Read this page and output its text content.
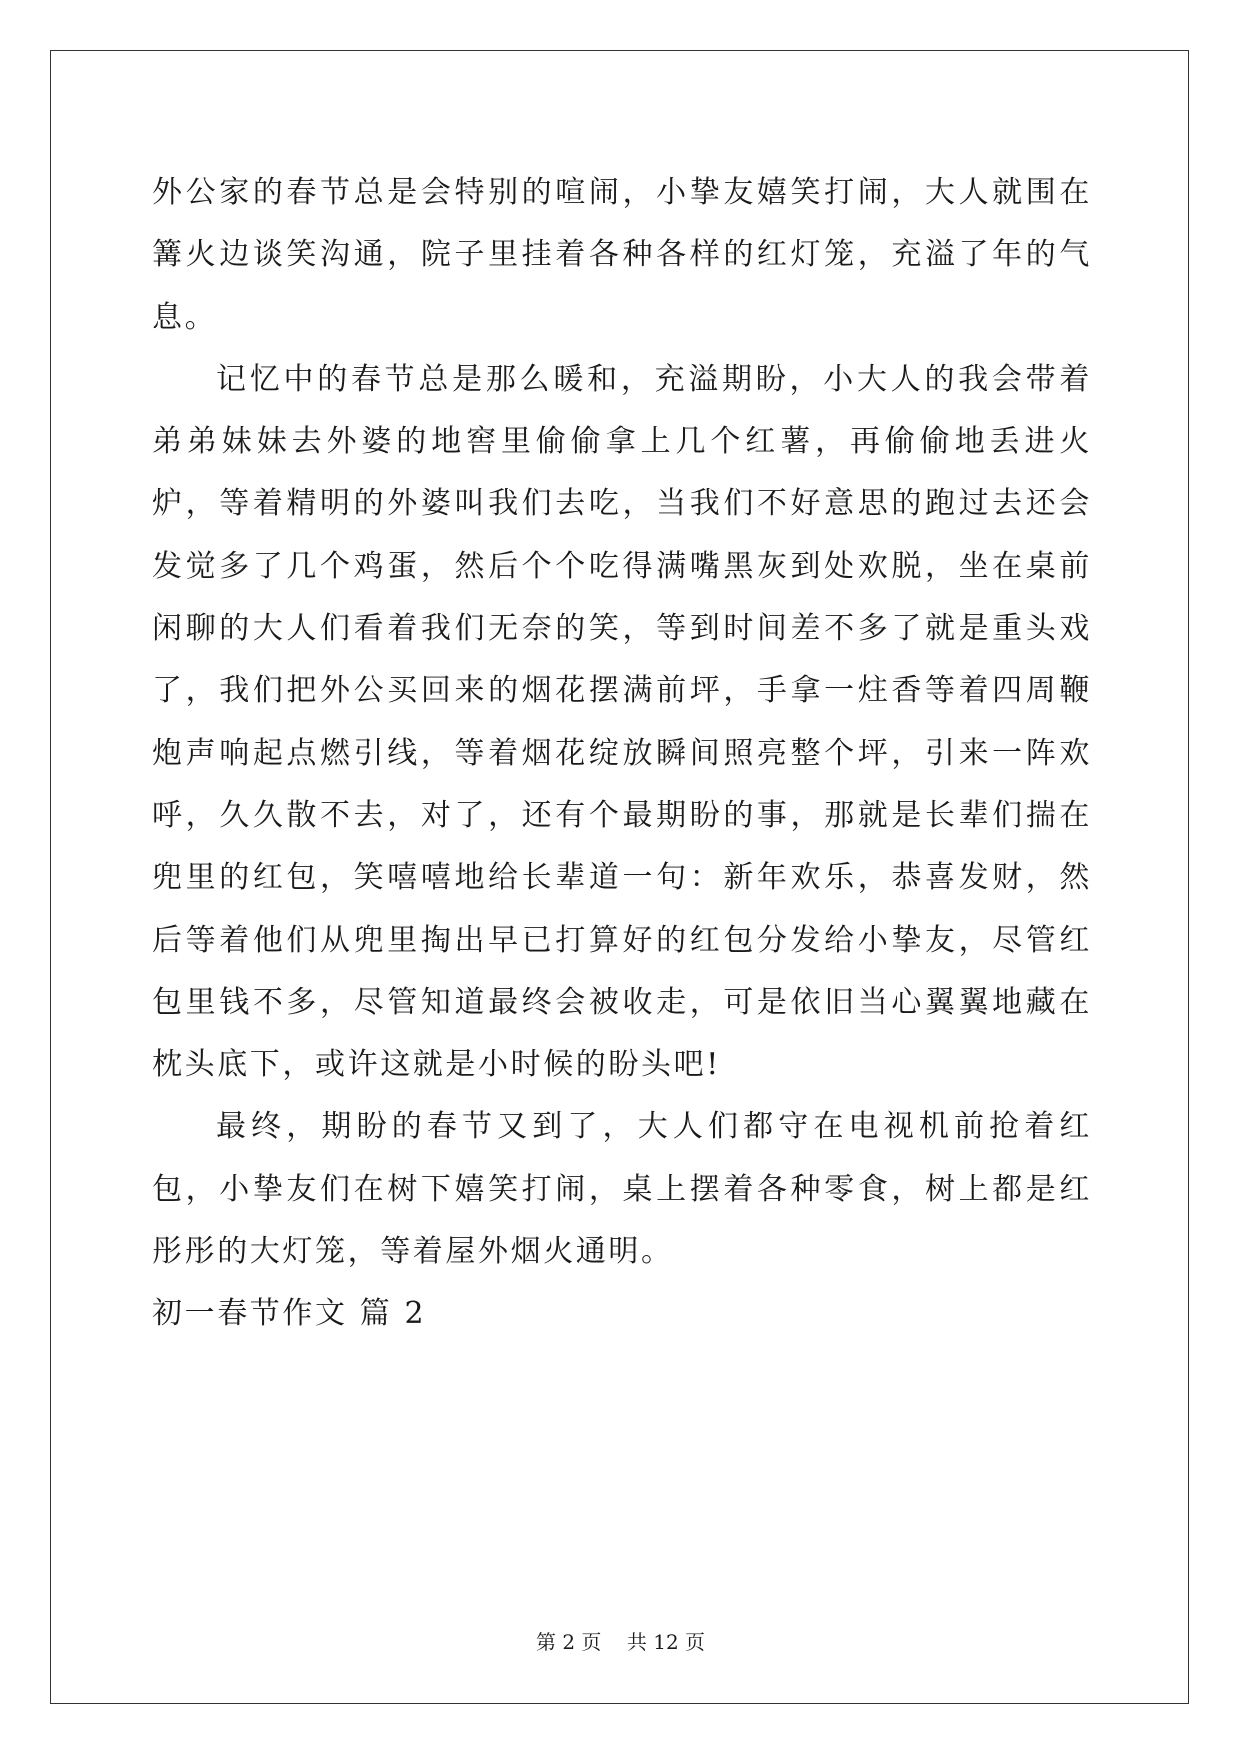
外公家的春节总是会特别的喧闹，小挚友嬉笑打闹，大人就围在篝火边谈笑沟通，院子里挂着各种各样的红灯笼，充溢了年的气息。

记忆中的春节总是那么暖和，充溢期盼，小大人的我会带着弟弟妹妹去外婆的地窖里偷偷拿上几个红薯，再偷偷地丢进火炉，等着精明的外婆叫我们去吃，当我们不好意思的跑过去还会发觉多了几个鸡蛋，然后个个吃得满嘴黑灰到处欢脱，坐在桌前闲聊的大人们看着我们无奈的笑，等到时间差不多了就是重头戏了，我们把外公买回来的烟花摆满前坪，手拿一炷香等着四周鞭炮声响起点燃引线，等着烟花绽放瞬间照亮整个坪，引来一阵欢呼，久久散不去，对了，还有个最期盼的事，那就是长辈们揣在兜里的红包，笑嘻嘻地给长辈道一句：新年欢乐，恭喜发财，然后等着他们从兜里掏出早已打算好的红包分发给小挚友，尽管红包里钱不多，尽管知道最终会被收走，可是依旧当心翼翼地藏在枕头底下，或许这就是小时候的盼头吧!

最终，期盼的春节又到了，大人们都守在电视机前抢着红包，小挚友们在树下嬉笑打闹，桌上摆着各种零食，树上都是红彤彤的大灯笼，等着屋外烟火通明。

初一春节作文 篇 2

第 2 页 共 12 页
